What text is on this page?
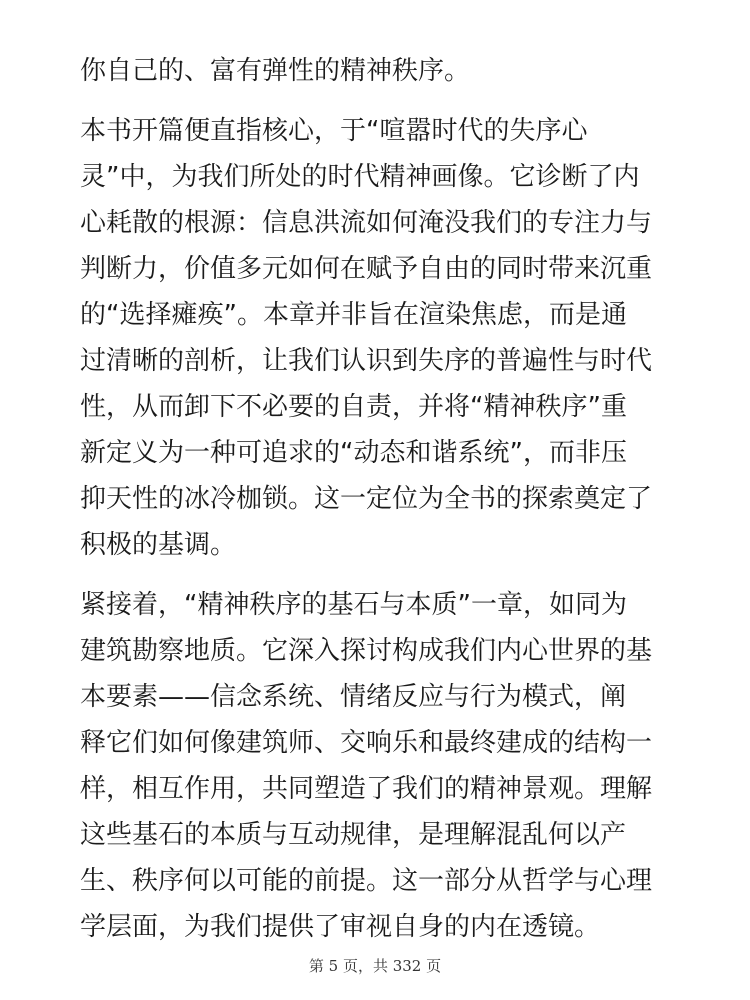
你自己的、富有弹性的精神秩序。

本书开篇便直指核心，于“喧嚣时代的失序心
灵”中，为我们所处的时代精神画像。它诊断了内
心耗散的根源：信息洪流如何淹没我们的专注力与
判断力，价值多元如何在赋予自由的同时带来沉重
的“选择瘫痪”。本章并非旨在渲染焦虑，而是通
过清晰的剖析，让我们认识到失序的普遍性与时代
性，从而卸下不必要的自责，并将“精神秩序”重
新定义为一种可追求的“动态和谐系统”，而非压
抑天性的冰冷枷锁。这一定位为全书的探索奠定了
积极的基调。

紧接着，“精神秩序的基石与本质”一章，如同为
建筑勘察地质。它深入探讨构成我们内心世界的基
本要素——信念系统、情绪反应与行为模式，阐
释它们如何像建筑师、交响乐和最终建成的结构一
样，相互作用，共同塑造了我们的精神景观。理解
这些基石的本质与互动规律，是理解混乱何以产
生、秩序何以可能的前提。这一部分从哲学与心理
学层面，为我们提供了审视自身的内在透镜。

第 5 页，共 332 页
